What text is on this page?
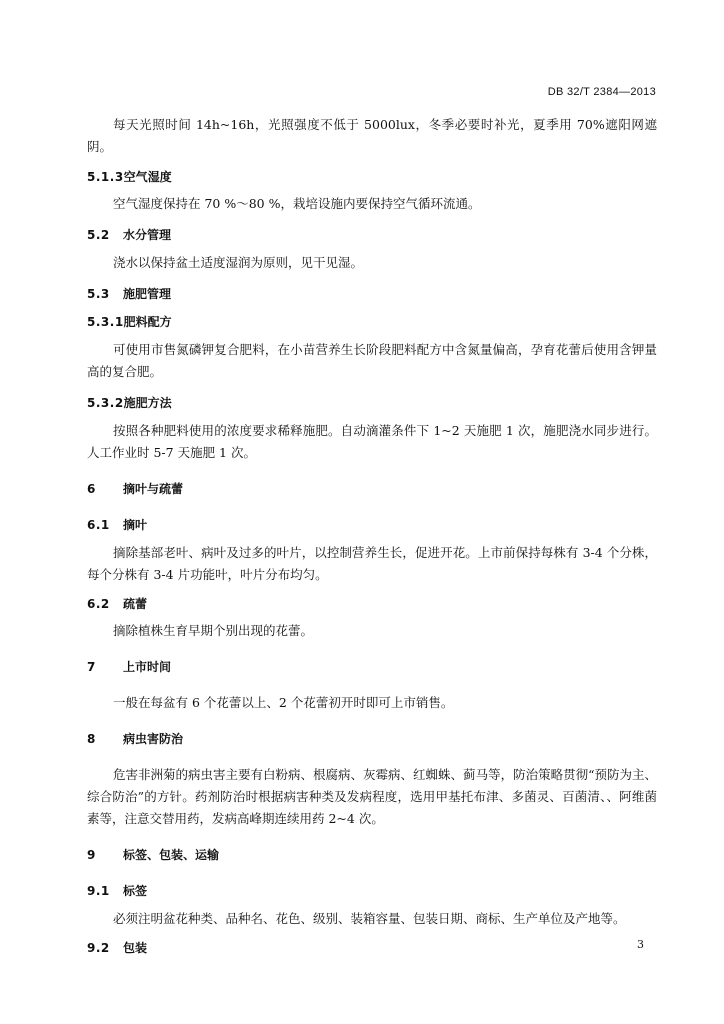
DB 32/T 2384—2013

每天光照时间 14h~16h，光照强度不低于 5000lux，冬季必要时补光，夏季用 70%遮阳网遮阴。

5.1.3空气湿度

空气湿度保持在 70 %～80 %，栽培设施内要保持空气循环流通。

5.2 水分管理

浇水以保持盆土适度湿润为原则，见干见湿。

5.3 施肥管理
5.3.1肥料配方

可使用市售氮磷钾复合肥料，在小苗营养生长阶段肥料配方中含氮量偏高，孕育花蕾后使用含钾量高的复合肥。

5.3.2施肥方法

按照各种肥料使用的浓度要求稀释施肥。自动滴灌条件下 1~2 天施肥 1 次，施肥浇水同步进行。人工作业时 5-7 天施肥 1 次。

6 摘叶与疏蕾
6.1 摘叶

摘除基部老叶、病叶及过多的叶片，以控制营养生长，促进开花。上市前保持每株有 3-4 个分株，每个分株有 3-4 片功能叶，叶片分布均匀。

6.2 疏蕾

摘除植株生育早期个别出现的花蕾。

7 上市时间

一般在每盆有 6 个花蕾以上、2 个花蕾初开时即可上市销售。

8 病虫害防治

危害非洲菊的病虫害主要有白粉病、根腐病、灰霉病、红蜘蛛、蓟马等，防治策略贯彻“预防为主、综合防治”的方针。药剂防治时根据病害种类及发病程度，选用甲基托布津、多菌灵、百菌清、、阿维菌素等，注意交替用药，发病高峰期连续用药 2~4 次。

9 标签、包装、运输
9.1 标签

必须注明盆花种类、品种名、花色、级别、装箱容量、包装日期、商标、生产单位及产地等。

9.2 包装	3
